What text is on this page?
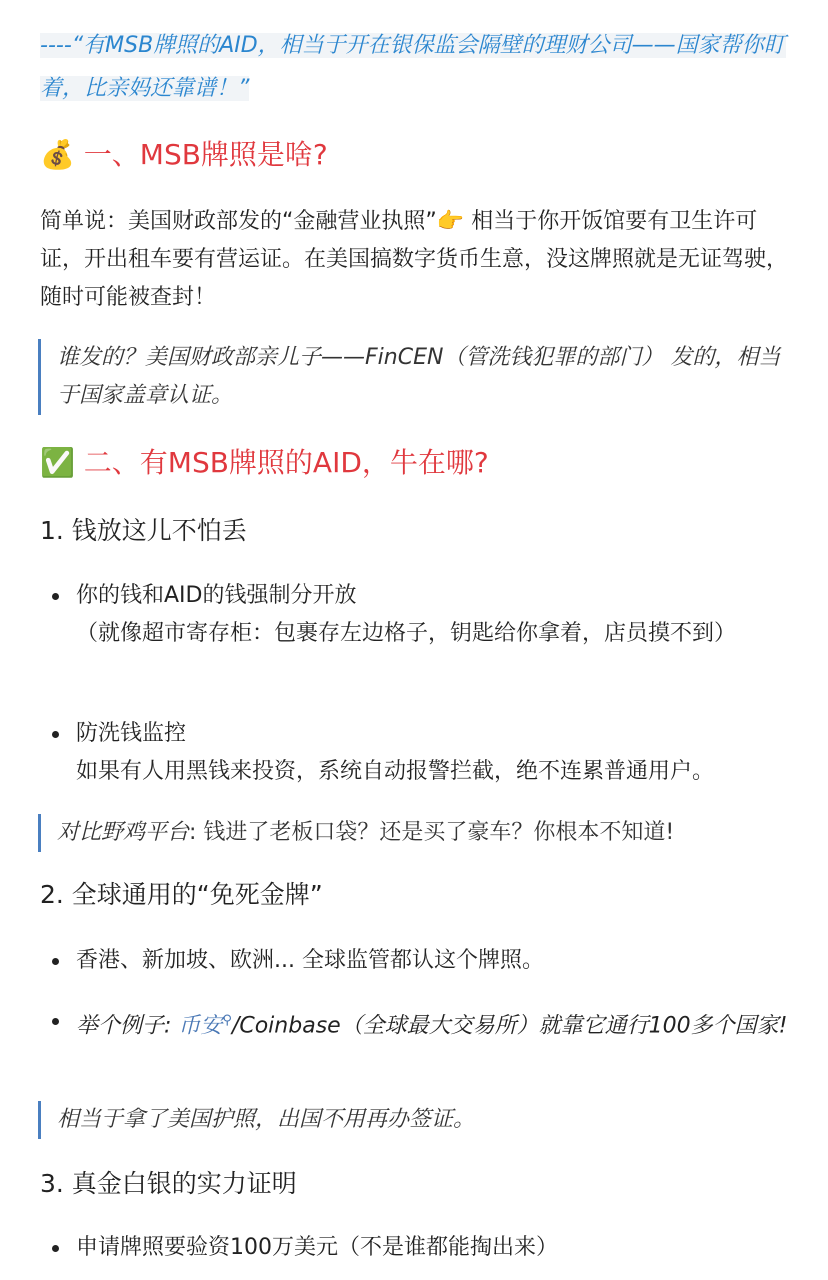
----“有MSB牌照的AID，相当于开在银保监会隔壁的理财公司——国家帮你盯着，比亲妈还靠谱！”
💰 一、MSB牌照是啥?
简单说：美国财政部发的“金融营业执照”👉 相当于你开饭馆要有卫生许可证，开出租车要有营运证。在美国搞数字货币生意，没这牌照就是无证驾驶，随时可能被查封！
谁发的？美国财政部亲儿子——FinCEN（管洗钱犯罪的部门） 发的，相当于国家盖章认证。
✅ 二、有MSB牌照的AID，牛在哪?
1. 钱放这儿不怕丢
你的钱和AID的钱强制分开放
（就像超市寄存柜：包裹存左边格子，钥匙给你拿着，店员摸不到）
防洗钱监控
如果有人用黑钱来投资，系统自动报警拦截，绝不连累普通用户。
对比野鸡平台: 钱进了老板口袋？还是买了豪车？你根本不知道!
2. 全球通用的“免死金牌”
香港、新加坡、欧洲... 全球监管都认这个牌照。
举个例子: 币安⚲/Coinbase（全球最大交易所）就靠它通行100多个国家!
相当于拿了美国护照，出国不用再办签证。
3. 真金白银的实力证明
申请牌照要验资100万美元（不是谁都能掏出来）
